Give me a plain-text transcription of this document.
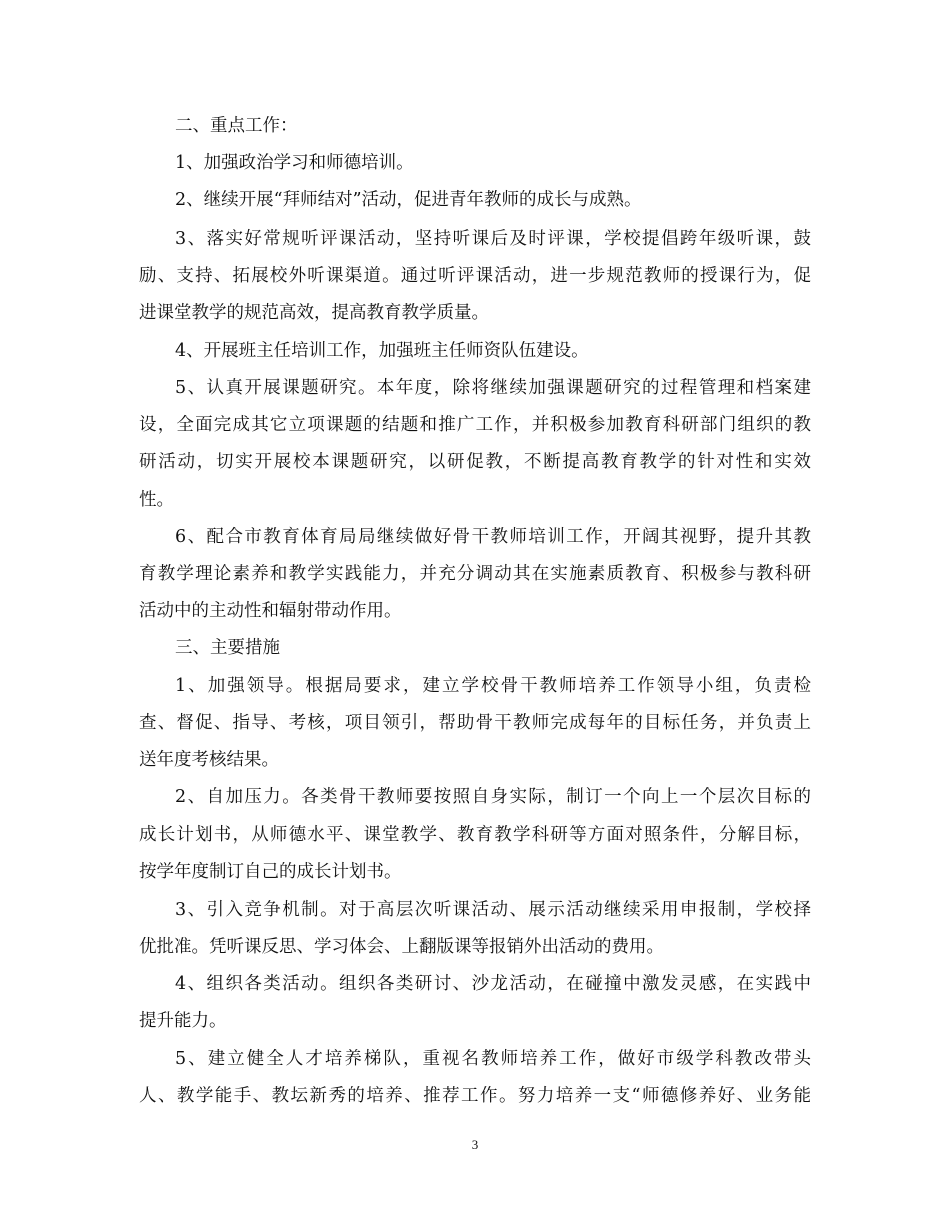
二、重点工作：
1、加强政治学习和师德培训。
2、继续开展“拜师结对”活动，促进青年教师的成长与成熟。
3、落实好常规听评课活动，坚持听课后及时评课，学校提倡跨年级听课，鼓
励、支持、拓展校外听课渠道。通过听评课活动，进一步规范教师的授课行为，促
进课堂教学的规范高效，提高教育教学质量。
4、开展班主任培训工作，加强班主任师资队伍建设。
5、认真开展课题研究。本年度，除将继续加强课题研究的过程管理和档案建
设，全面完成其它立项课题的结题和推广工作，并积极参加教育科研部门组织的教
研活动，切实开展校本课题研究，以研促教，不断提高教育教学的针对性和实效
性。
6、配合市教育体育局局继续做好骨干教师培训工作，开阔其视野，提升其教
育教学理论素养和教学实践能力，并充分调动其在实施素质教育、积极参与教科研
活动中的主动性和辐射带动作用。
三、主要措施
1、加强领导。根据局要求，建立学校骨干教师培养工作领导小组，负责检
查、督促、指导、考核，项目领引，帮助骨干教师完成每年的目标任务，并负责上
送年度考核结果。
2、自加压力。各类骨干教师要按照自身实际，制订一个向上一个层次目标的
成长计划书，从师德水平、课堂教学、教育教学科研等方面对照条件，分解目标，
按学年度制订自己的成长计划书。
3、引入竞争机制。对于高层次听课活动、展示活动继续采用申报制，学校择
优批准。凭听课反思、学习体会、上翻版课等报销外出活动的费用。
4、组织各类活动。组织各类研讨、沙龙活动，在碰撞中激发灵感，在实践中
提升能力。
5、建立健全人才培养梯队，重视名教师培养工作，做好市级学科教改带头
人、教学能手、教坛新秀的培养、推荐工作。努力培养一支“师德修养好、业务能
3
